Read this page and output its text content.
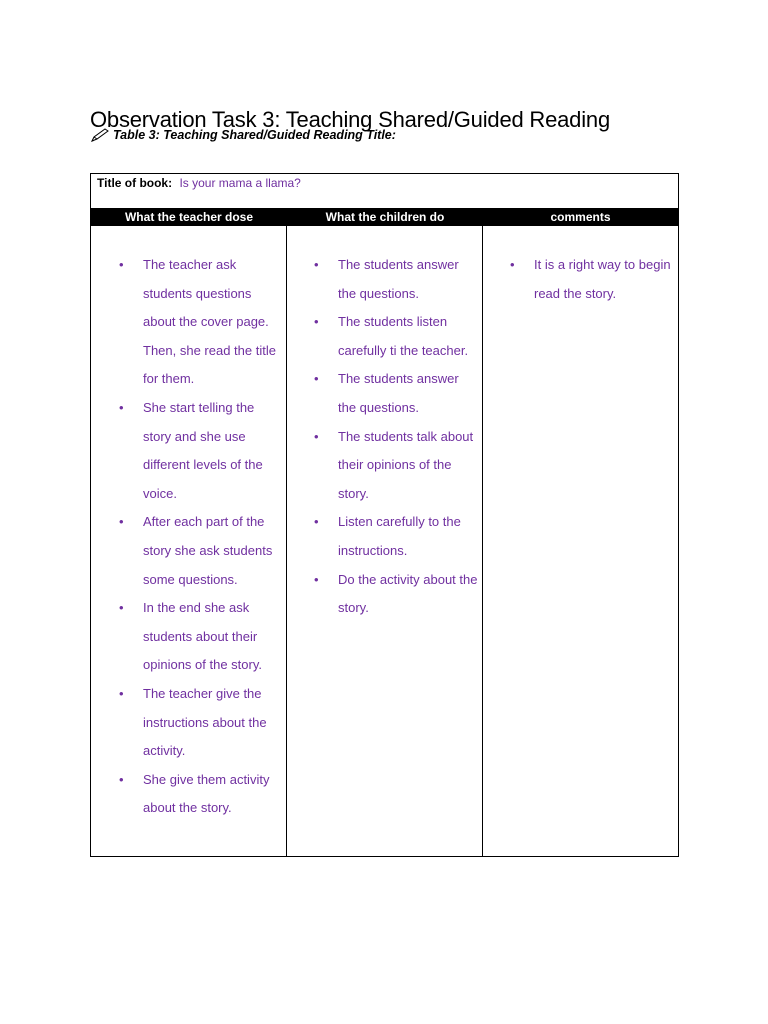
Observation Task 3: Teaching Shared/Guided Reading
Table 3: Teaching Shared/Guided Reading Title:
Title of book: Is your mama a llama?
What the teacher dose	What the children do	comments
• The teacher ask students questions about the cover page. Then, she read the title for them.
• She start telling the story and she use different levels of the voice.
• After each part of the story she ask students some questions.
• In the end she ask students about their opinions of the story.
• The teacher give the instructions about the activity.
• She give them activity about the story.
• The students answer the questions.
• The students listen carefully ti the teacher.
• The students answer the questions.
• The students talk about their opinions of the story.
• Listen carefully to the instructions.
• Do the activity about the story.
• It is a right way to begin read the story.
